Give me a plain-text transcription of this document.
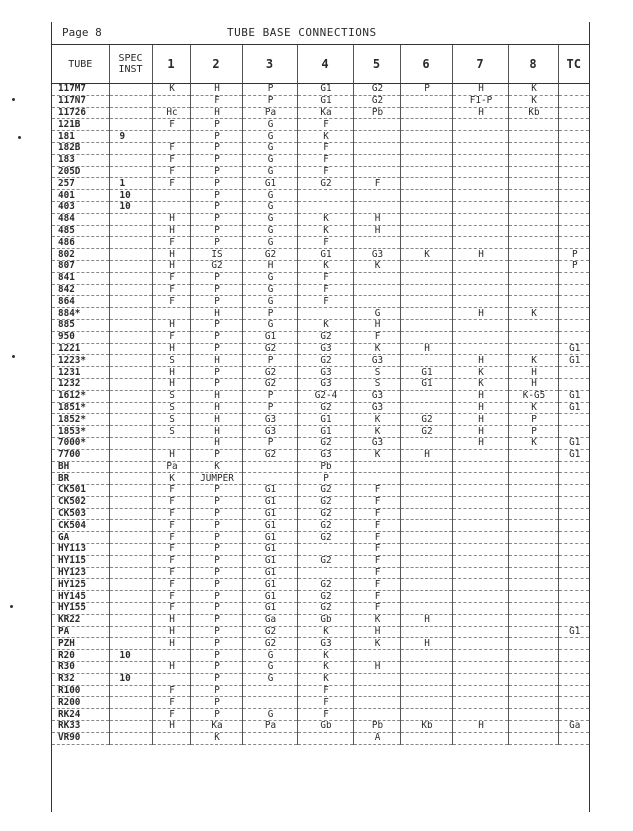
Page 8	TUBE BASE CONNECTIONS
TUBE	SPEC INST	1	2	3	4	5	6	7	8	TC
117M7		K	H	P	G1	G2	P	H	K	
117N7			F	P	G1	G2		F1-P	K	
11726		Hc	H	Pa	Ka	Pb		H	Kb	
121B		F	P	G	F					
181	9		P	G	K					
182B		F	P	G	F					
183		F	P	G	F					
205D		F	P	G	F					
257	1	F	P	G1	G2	F				
401	10		P	G						
403	10		P	G						
484		H	P	G	K	H				
485		H	P	G	K	H				
486		F	P	G	F					
802		H	IS	G2	G1	G3	K	H		P
807		H	G2	H	K	K				P
841		F	P	G	F					
842		F	P	G	F					
864		F	P	G	F					
884*			H	P		G		H	K	
885		H	P	G	K	H				
950		F	P	G1	G2	F				
1221		H	P	G2	G3	K	H			G1
1223*		S	H	P	G2	G3		H	K	G1
1231		H	P	G2	G3	S	G1	K	H	
1232		H	P	G2	G3	S	G1	K	H	
1612*		S	H	P	G2-4	G3		H	K-G5	G1
1851*		S	H	P	G2	G3		H	K	G1
1852*		S	H	G3	G1	K	G2	H	P	
1853*		S	H	G3	G1	K	G2	H	P	
7000*			H	P	G2	G3		H	K	G1
7700		H	P	G2	G3	K	H			G1
BH		Pa	K		Pb					
BR		K	JUMPER		P					
CK501		F	P	G1	G2	F				
CK502		F	P	G1	G2	F				
CK503		F	P	G1	G2	F				
CK504		F	P	G1	G2	F				
GA		F	P	G1	G2	F				
HY113		F	P	G1		F				
HY115		F	P	G1	G2	F				
HY123		F	P	G1		F				
HY125		F	P	G1	G2	F				
HY145		F	P	G1	G2	F				
HY155		F	P	G1	G2	F				
KR22		H	P	Ga	Gb	K	H			
PA		H	P	G2	K	H				G1
PZH		H	P	G2	G3	K	H			
R20	10		P	G	K					
R30		H	P	G	K	H				
R32	10		P	G	K					
R100		F	P		F					
R200		F	P		F					
RK24		F	P	G	F					
RK33		H	Ka	Pa	Gb	Pb	Kb	H		Ga
VR90			K			A				
